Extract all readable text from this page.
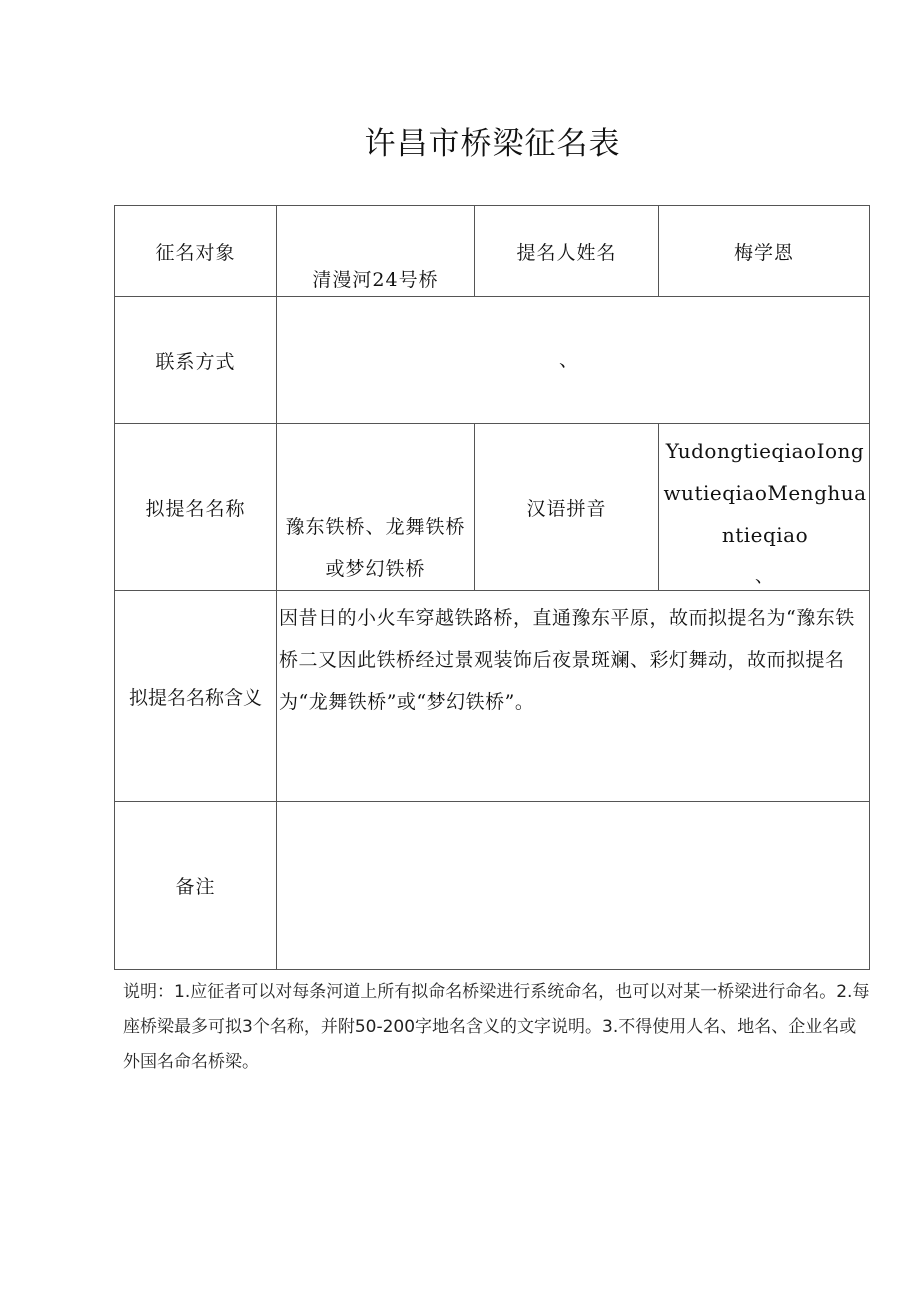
许昌市桥梁征名表
征名对象	清漫河24号桥	提名人姓名	梅学恩
联系方式	、		

拟提名名称	豫东铁桥、龙舞铁桥或梦幻铁桥	汉语拼音	YudongtieqiaoIongwutieqiaoMenghuantieqiao
、

拟提名名称含义	因昔日的小火车穿越铁路桥，直通豫东平原，故而拟提名为“豫东铁桥二又因此铁桥经过景观装饰后夜景斑斓、彩灯舞动，故而拟提名为“龙舞铁桥”或“梦幻铁桥”。		

备注			
说明：1.应征者可以对每条河道上所有拟命名桥梁进行系统命名，也可以对某一桥梁进行命名。2.每座桥梁最多可拟3个名称，并附50-200字地名含义的文字说明。3.不得使用人名、地名、企业名或外国名命名桥梁。
